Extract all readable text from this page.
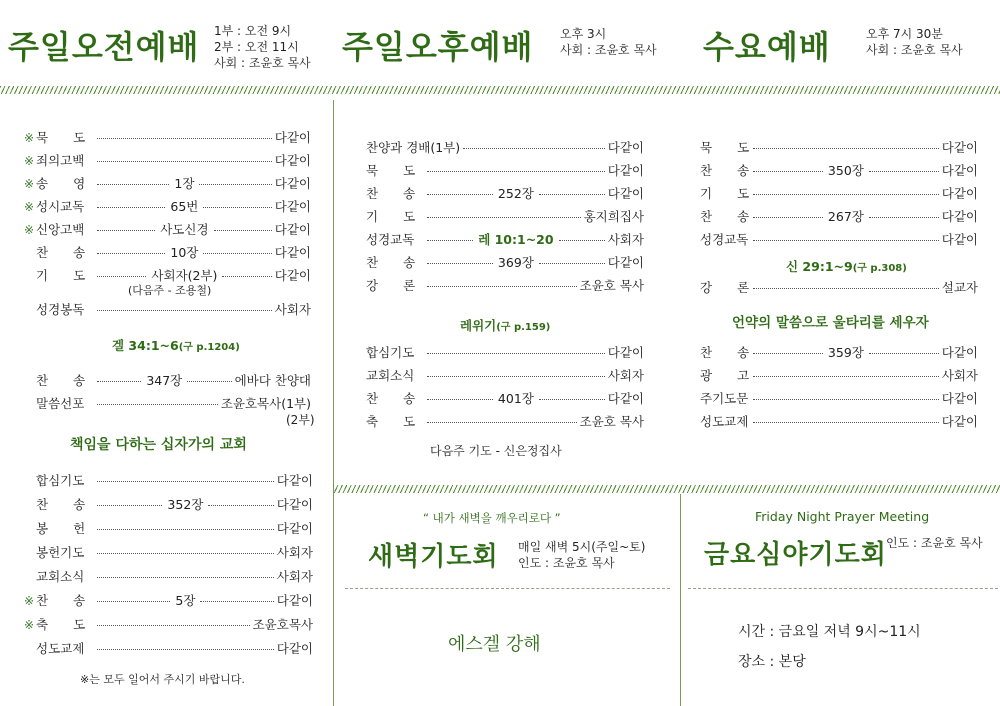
주일오전예배 1부 : 오전 9시
2부 : 오전 11시
사회 : 조윤호 목사 주일오후예배 오후 3시
사회 : 조윤호 목사 수요예배	오후 7시 30분
사회 : 조윤호 목사
※ 묵　　도	다같이
※ 죄의고백	다같이
※ 송　　영	1장	다같이
※ 성시교독	65번	다같이
※ 신앙고백	사도신경	다같이
찬　　송	10장	다같이
기　　도	사회자(2부)	다같이
(다음주 - 조용철)
성경봉독	사회자
겔 34:1~6(구 p.1204)
찬　　송	347장	에바다 찬양대
말씀선포	조윤호목사(1부)
(2부)
책임을 다하는 십자가의 교회
합심기도	다같이
찬　　송	352장	다같이
봉　　헌	다같이
봉헌기도	사회자
교회소식	사회자
※ 찬　　송	5장	다같이
※ 축　　도	조윤호목사
성도교제	다같이
※는 모두 일어서 주시기 바랍니다.
찬양과 경배(1부)	다같이
묵　　도	다같이
찬　　송	252장	다같이
기　　도	홍지희집사
성경교독	레 10:1~20	사회자
찬　　송	369장	다같이
강　　론	조윤호 목사
레위기(구 p.159)
합심기도	다같이
교회소식	사회자
찬　　송	401장	다같이
축　　도	조윤호 목사
다음주 기도 - 신은정집사
묵　　도	다같이
찬　　송	350장	다같이
기　　도	다같이
찬　　송	267장	다같이
성경교독	다같이
신 29:1~9(구 p.308)
강　　론	설교자
언약의 말씀으로 울타리를 세우자
찬　　송	359장	다같이
광　　고	사회자
주기도문	다같이
성도교제	다같이
“ 내가 새벽을 깨우리로다 ”
새벽기도회 매일 새벽 5시(주일~토)
인도 : 조윤호 목사
에스겔 강해
Friday Night Prayer Meeting
금요심야기도회 인도 : 조윤호 목사
시간 : 금요일 저녁 9시~11시
장소 : 본당
